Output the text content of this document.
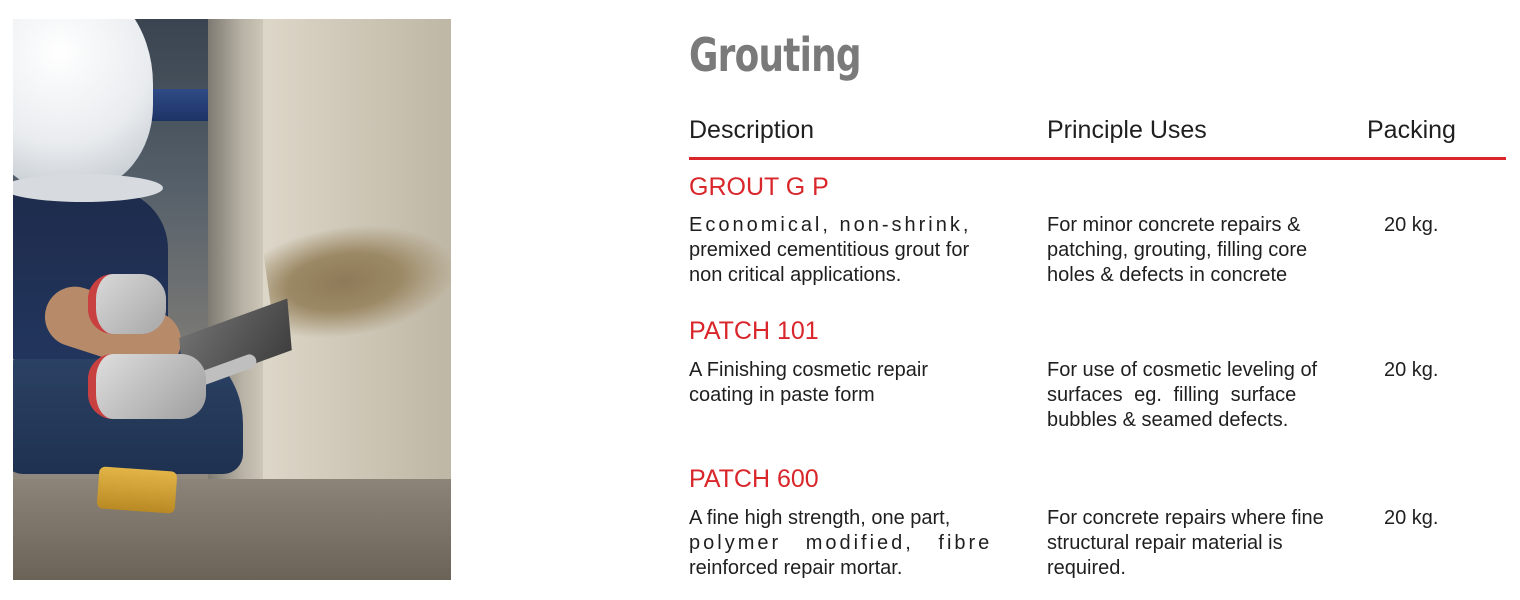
Grouting
Description	Principle Uses	Packing
GROUT G P
Economical, non-shrink,
premixed cementitious grout for
non critical applications.
For minor concrete repairs &
patching, grouting, filling core
holes & defects in concrete
20 kg.
PATCH 101
A Finishing cosmetic repair
coating in paste form
For use of cosmetic leveling of
surfaces eg. filling surface
bubbles & seamed defects.
20 kg.
PATCH 600
A fine high strength, one part,
polymer modified, fibre
reinforced repair mortar.
For concrete repairs where fine
structural repair material is
required.
20 kg.
